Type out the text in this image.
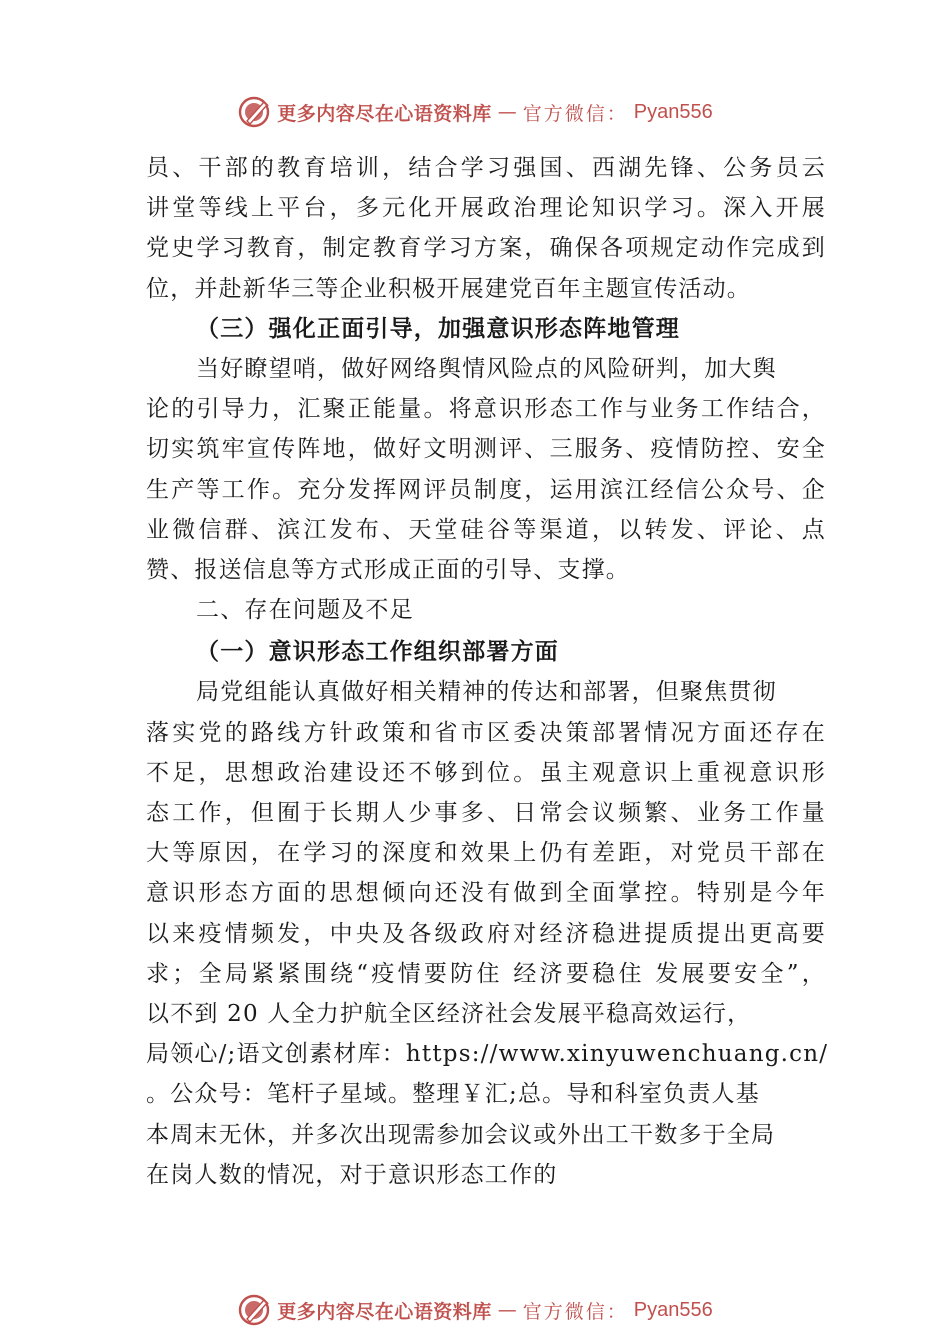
更多内容尽在心语资料库 — 官方微信： Pyan556
员、干部的教育培训，结合学习强国、西湖先锋、公务员云
讲堂等线上平台，多元化开展政治理论知识学习。深入开展
党史学习教育，制定教育学习方案，确保各项规定动作完成到
位，并赴新华三等企业积极开展建党百年主题宣传活动。
（三）强化正面引导，加强意识形态阵地管理
当好瞭望哨，做好网络舆情风险点的风险研判，加大舆
论的引导力，汇聚正能量。将意识形态工作与业务工作结合，
切实筑牢宣传阵地，做好文明测评、三服务、疫情防控、安全
生产等工作。充分发挥网评员制度，运用滨江经信公众号、企
业微信群、滨江发布、天堂硅谷等渠道，以转发、评论、点
赞、报送信息等方式形成正面的引导、支撑。
二、存在问题及不足
（一）意识形态工作组织部署方面
局党组能认真做好相关精神的传达和部署，但聚焦贯彻
落实党的路线方针政策和省市区委决策部署情况方面还存在
不足，思想政治建设还不够到位。虽主观意识上重视意识形
态工作，但囿于长期人少事多、日常会议频繁、业务工作量
大等原因，在学习的深度和效果上仍有差距，对党员干部在
意识形态方面的思想倾向还没有做到全面掌控。特别是今年
以来疫情频发，中央及各级政府对经济稳进提质提出更高要
求；全局紧紧围绕“疫情要防住 经济要稳住 发展要安全”，
以不到 20 人全力护航全区经济社会发展平稳高效运行，
局领心/;语文创素材库：https://www.xinyuwenchuang.cn/
。公众号：笔杆子星域。整理￥汇;总。导和科室负责人基
本周末无休，并多次出现需参加会议或外出工干数多于全局
在岗人数的情况，对于意识形态工作的
更多内容尽在心语资料库 — 官方微信： Pyan556
